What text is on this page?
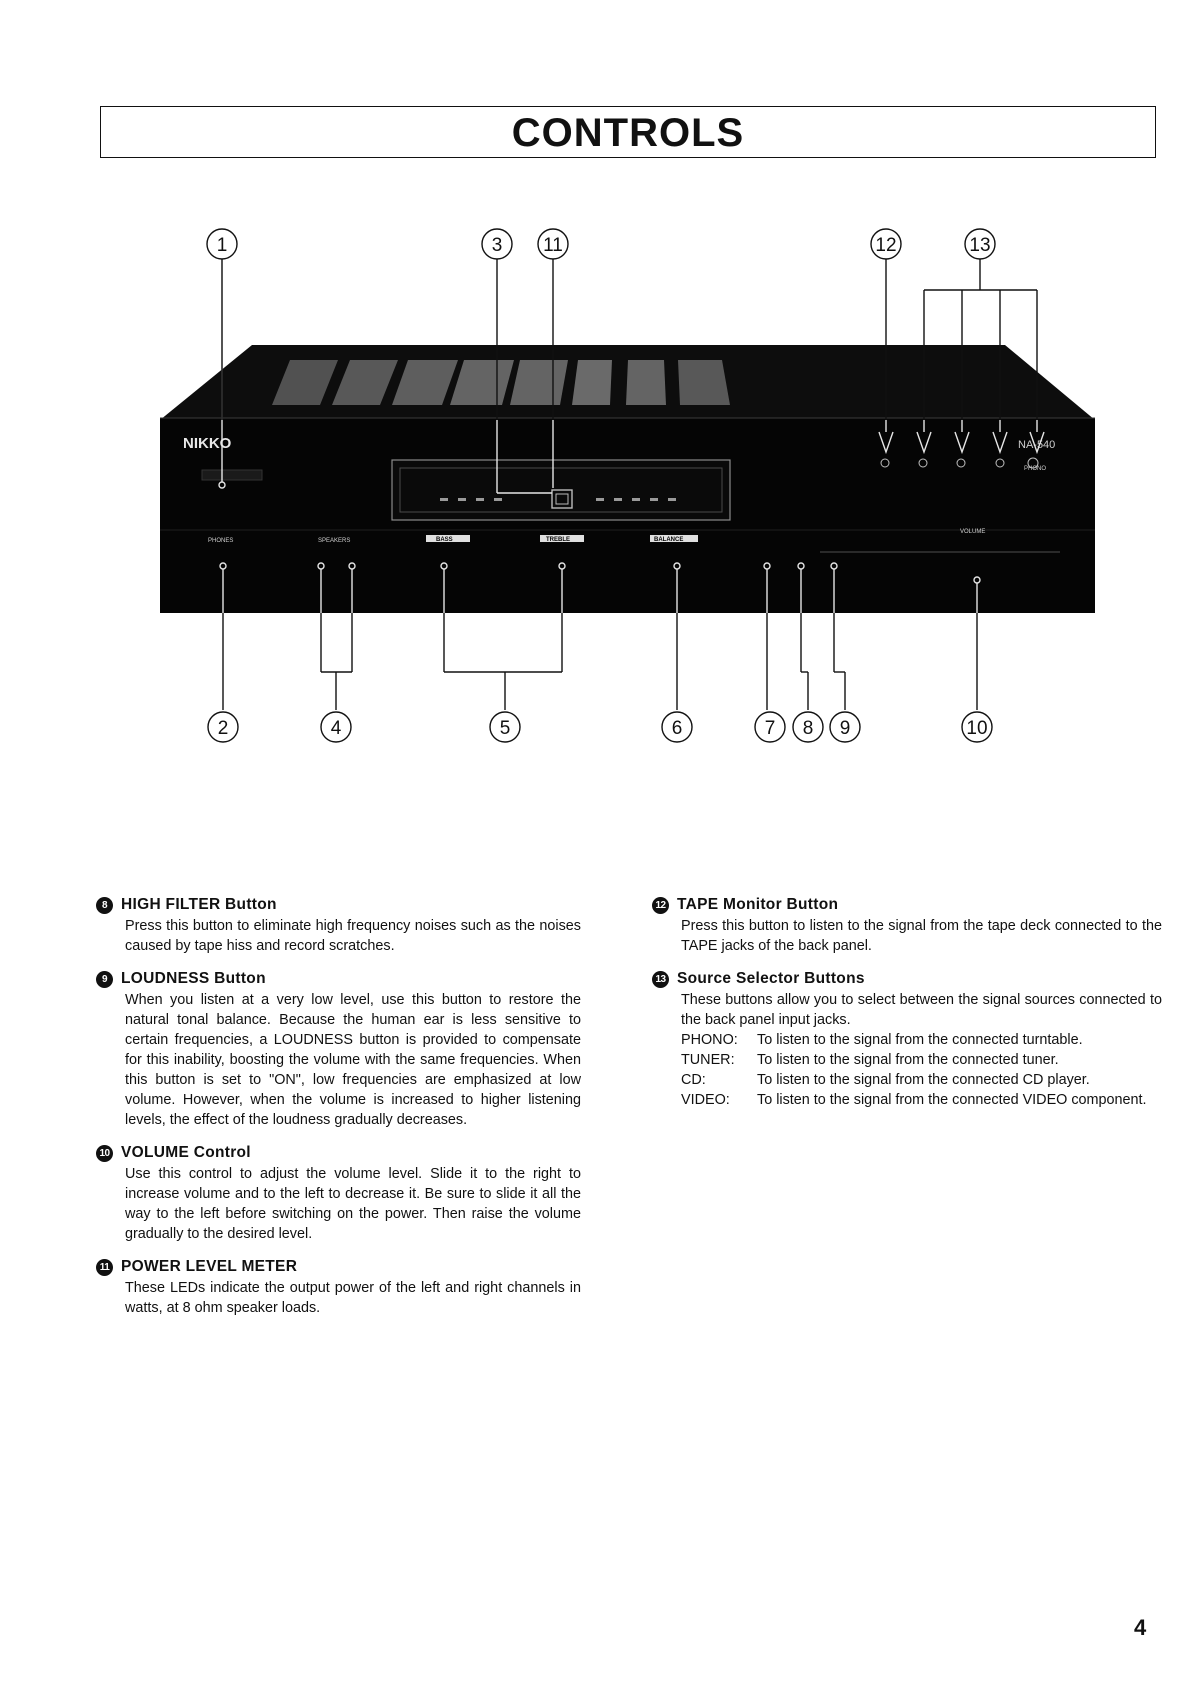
CONTROLS
NIKKO	NA-540
PHONES	SPEAKERS
VOLUME
PHONO
BASS	TREBLE	BALANCE
1	3 11	12	13
2	4	5	6	7 8 9	10
8 HIGH FILTER Button
Press this button to eliminate high frequency noises such as the noises caused by tape hiss and record scratches.
9 LOUDNESS Button
When you listen at a very low level, use this button to restore the natural tonal balance. Because the human ear is less sensitive to certain frequencies, a LOUDNESS button is provided to compensate for this inability, boosting the volume with the same frequencies. When this button is set to "ON", low frequencies are emphasized at low volume. However, when the volume is increased to higher listening levels, the effect of the loudness gradually decreases.
10 VOLUME Control
Use this control to adjust the volume level. Slide it to the right to increase volume and to the left to decrease it. Be sure to slide it all the way to the left before switching on the power. Then raise the volume gradually to the desired level.
11 POWER LEVEL METER
These LEDs indicate the output power of the left and right channels in watts, at 8 ohm speaker loads.
12 TAPE Monitor Button
Press this button to listen to the signal from the tape deck connected to the TAPE jacks of the back panel.
13 Source Selector Buttons
These buttons allow you to select between the signal sources connected to the back panel input jacks.
PHONO:	To listen to the signal from the connected turntable.
TUNER:	To listen to the signal from the connected tuner.
CD:	To listen to the signal from the connected CD player.
VIDEO:	To listen to the signal from the connected VIDEO component.
4
